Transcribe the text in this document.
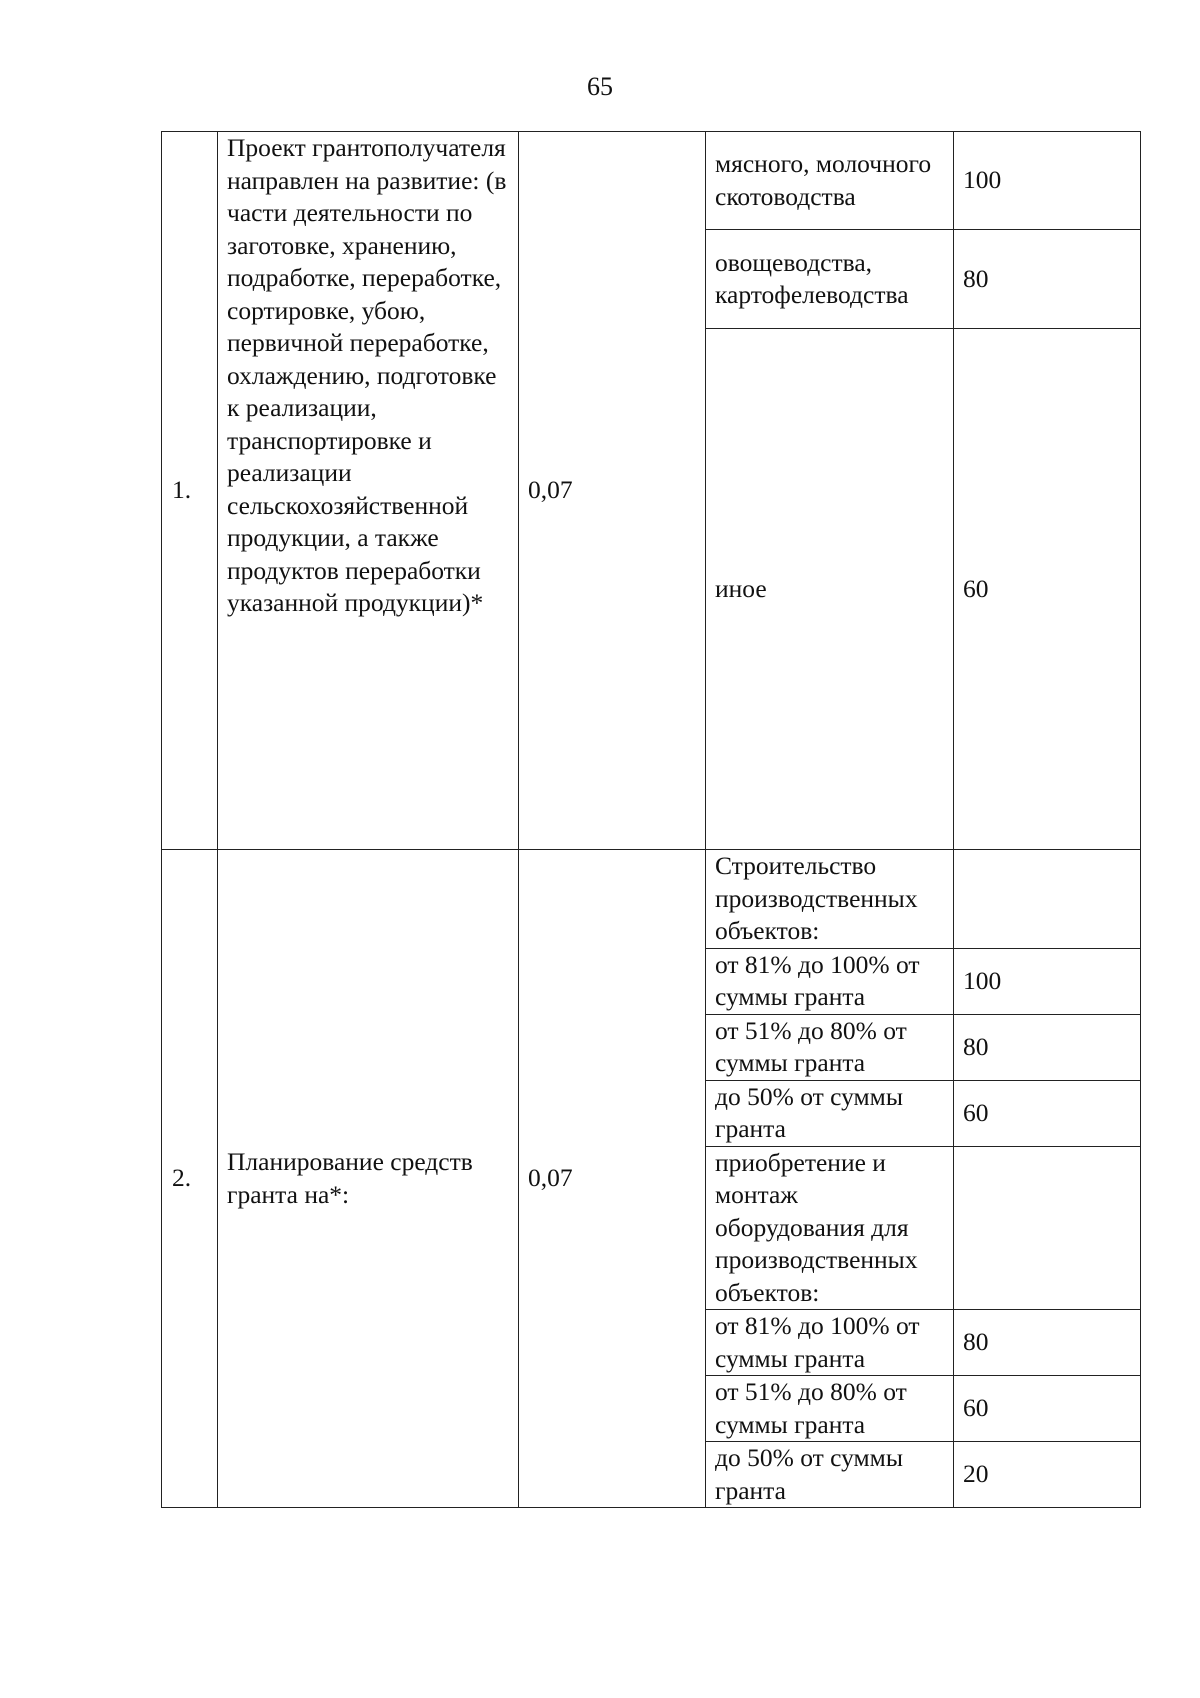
65
1.	Проект грантополучателя направлен на развитие: (в части деятельности по заготовке, хранению, подработке, переработке, сортировке, убою, первичной переработке, охлаждению, подготовке к реализации, транспортировке и реализации сельскохозяйственной продукции, а также продуктов переработки указанной продукции)*	0,07	мясного, молочного скотоводства	100
			овощеводства, картофелеводства	80
			иное	60
2.	Планирование средств гранта на*:	0,07	Строительство производственных объектов:	
			от 81% до 100% от суммы гранта	100
			от 51% до 80% от суммы гранта	80
			до 50% от суммы гранта	60
			приобретение и монтаж оборудования для производственных объектов:	
			от 81% до 100% от суммы гранта	80
			от 51% до 80% от суммы гранта	60
			до 50% от суммы гранта	20
